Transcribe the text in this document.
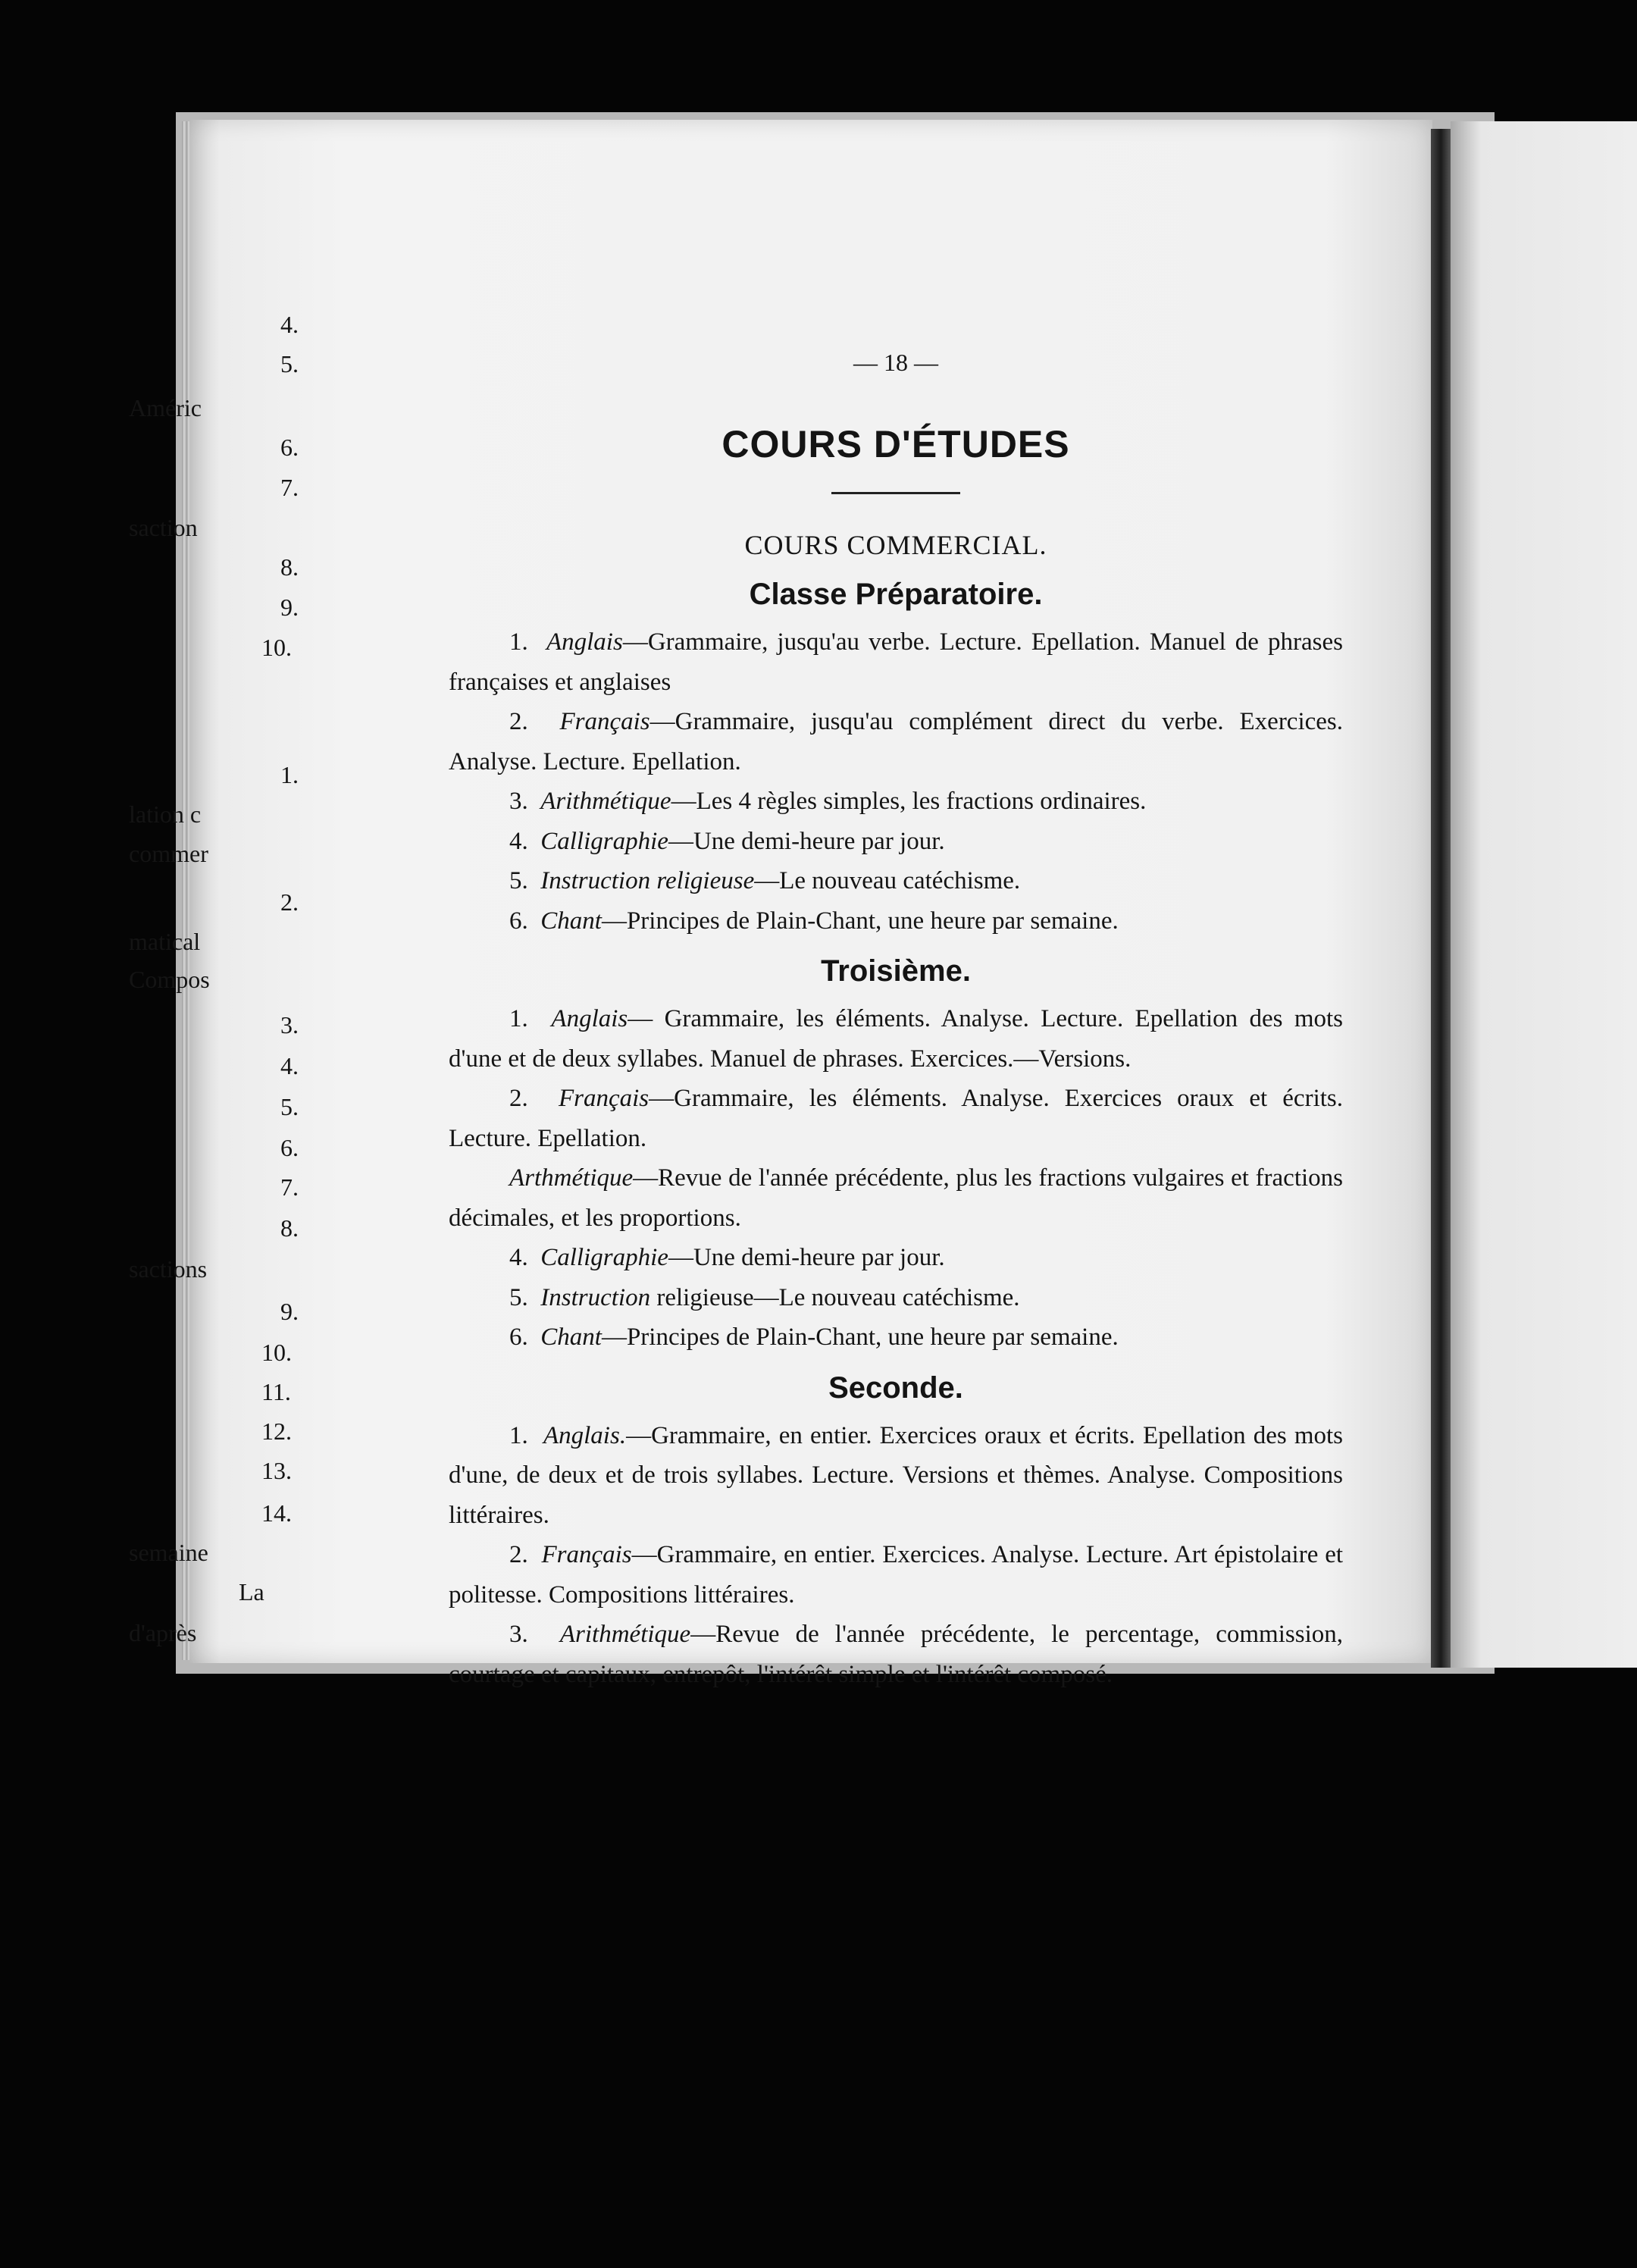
4.
5.
Améric
6.
7.
saction
8.
9.
10.
1.
lation c
commer
2.
matical
Compos
3.
4.
5.
6.
7.
8.
sactions
9.
10.
11.
12.
13.
14.
semaine
La
d'après
— 18 —
COURS D'ÉTUDES
COURS COMMERCIAL.
Classe Préparatoire.

1.  Anglais—Grammaire, jusqu'au verbe. Lecture. Epellation. Manuel de phrases françaises et anglaises

2.  Français—Grammaire, jusqu'au complément direct du verbe. Exercices. Analyse. Lecture. Epellation.

3.  Arithmétique—Les 4 règles simples, les fractions ordinaires.

4.  Calligraphie—Une demi-heure par jour.

5.  Instruction religieuse—Le nouveau catéchisme.

6.  Chant—Principes de Plain-Chant, une heure par semaine.

Troisième.

1.  Anglais— Grammaire, les éléments. Analyse. Lecture. Epellation des mots d'une et de deux syllabes. Manuel de phrases. Exercices.—Versions.

2.  Français—Grammaire, les éléments. Analyse. Exercices oraux et écrits. Lecture. Epellation.

Arthmétique—Revue de l'année précédente, plus les fractions vulgaires et fractions décimales, et les proportions.

4.  Calligraphie—Une demi-heure par jour.

5.  Instruction religieuse—Le nouveau catéchisme.

6.  Chant—Principes de Plain-Chant, une heure par semaine.

Seconde.

1.  Anglais.—Grammaire, en entier. Exercices oraux et écrits. Epellation des mots d'une, de deux et de trois syllabes. Lecture. Versions et thèmes. Analyse. Compositions littéraires.

2.  Français—Grammaire, en entier. Exercices. Analyse. Lecture. Art épistolaire et politesse. Compositions littéraires.

3.  Arithmétique—Revue de l'année précédente, le percentage, commission, courtage et capitaux, entrepôt, l'intérêt simple et l'intérêt composé.
